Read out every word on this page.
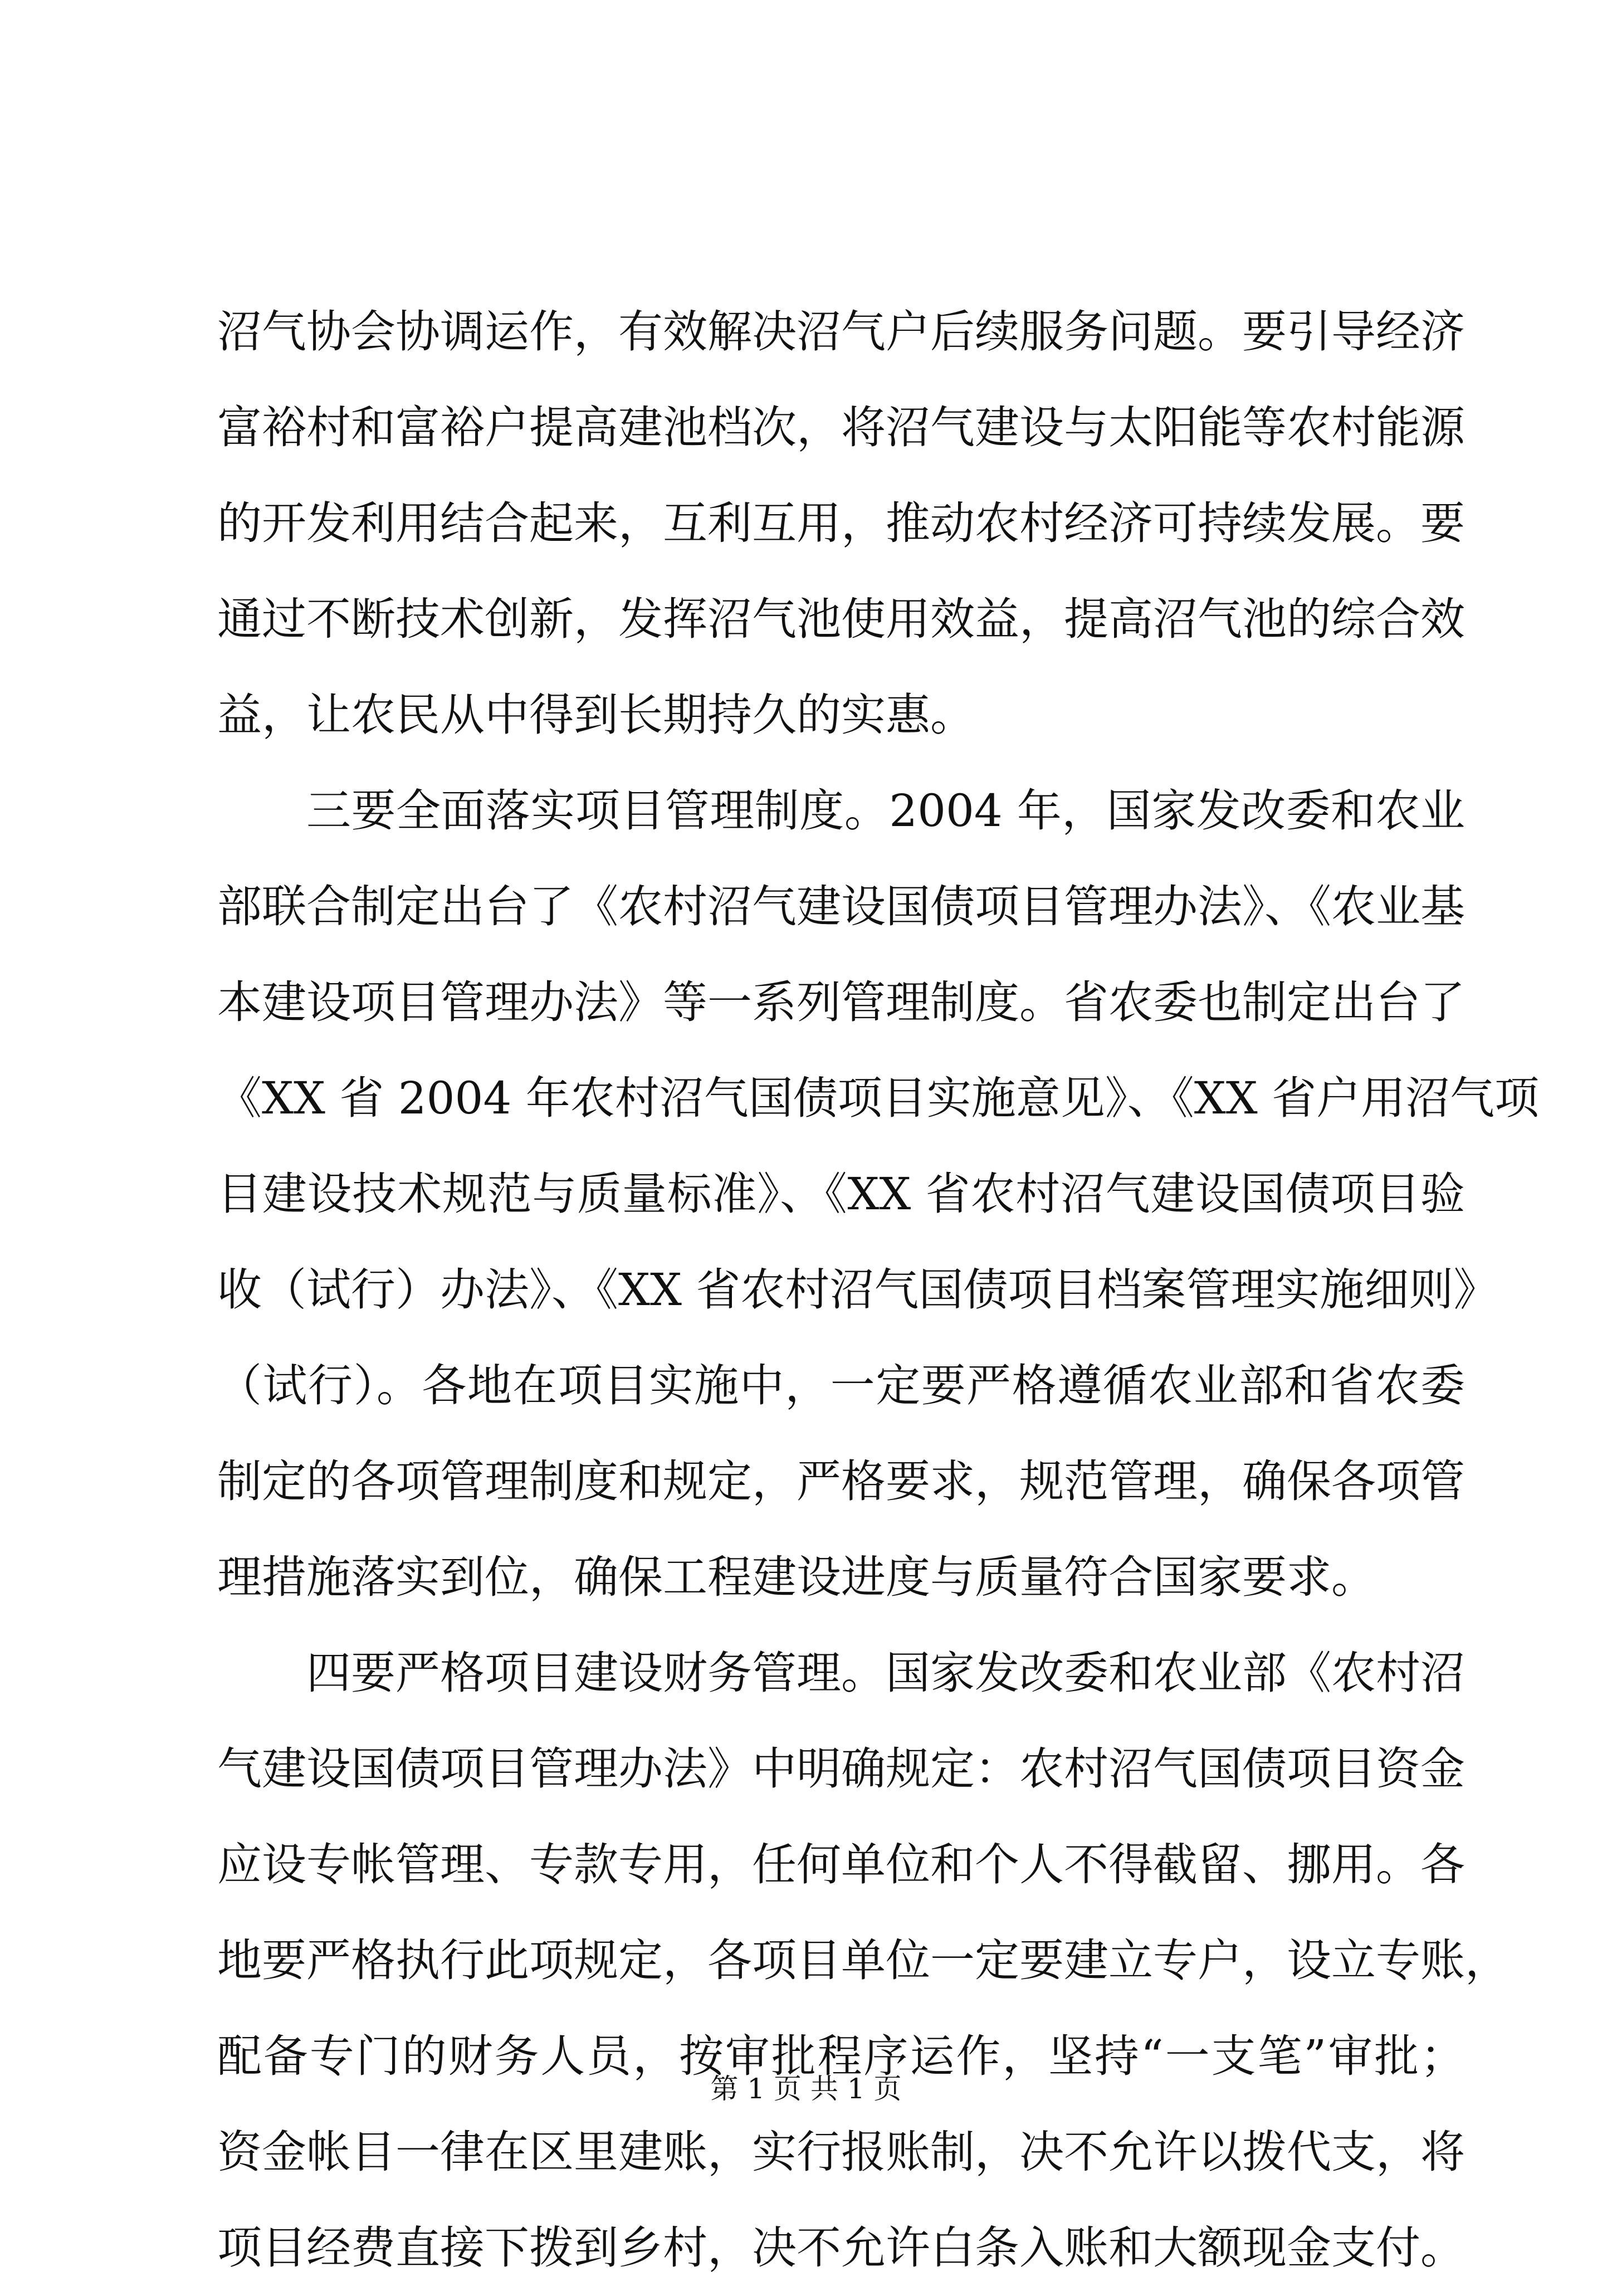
沼气协会协调运作，有效解决沼气户后续服务问题。要引导经济
富裕村和富裕户提高建池档次，将沼气建设与太阳能等农村能源
的开发利用结合起来，互利互用，推动农村经济可持续发展。要
通过不断技术创新，发挥沼气池使用效益，提高沼气池的综合效
益，让农民从中得到长期持久的实惠。
三要全面落实项目管理制度。2004 年，国家发改委和农业
部联合制定出台了《农村沼气建设国债项目管理办法》、《农业基
本建设项目管理办法》等一系列管理制度。省农委也制定出台了
《XX 省 2004 年农村沼气国债项目实施意见》、《XX 省户用沼气项
目建设技术规范与质量标准》、《XX 省农村沼气建设国债项目验
收（试行）办法》、《XX 省农村沼气国债项目档案管理实施细则》
（试行）。各地在项目实施中，一定要严格遵循农业部和省农委
制定的各项管理制度和规定，严格要求，规范管理，确保各项管
理措施落实到位，确保工程建设进度与质量符合国家要求。
四要严格项目建设财务管理。国家发改委和农业部《农村沼
气建设国债项目管理办法》中明确规定：农村沼气国债项目资金
应设专帐管理、专款专用，任何单位和个人不得截留、挪用。各
地要严格执行此项规定，各项目单位一定要建立专户，设立专账，
配备专门的财务人员，按审批程序运作，坚持“一支笔”审批；
资金帐目一律在区里建账，实行报账制，决不允许以拨代支，将
项目经费直接下拨到乡村，决不允许白条入账和大额现金支付。
第 1 页 共 1 页
